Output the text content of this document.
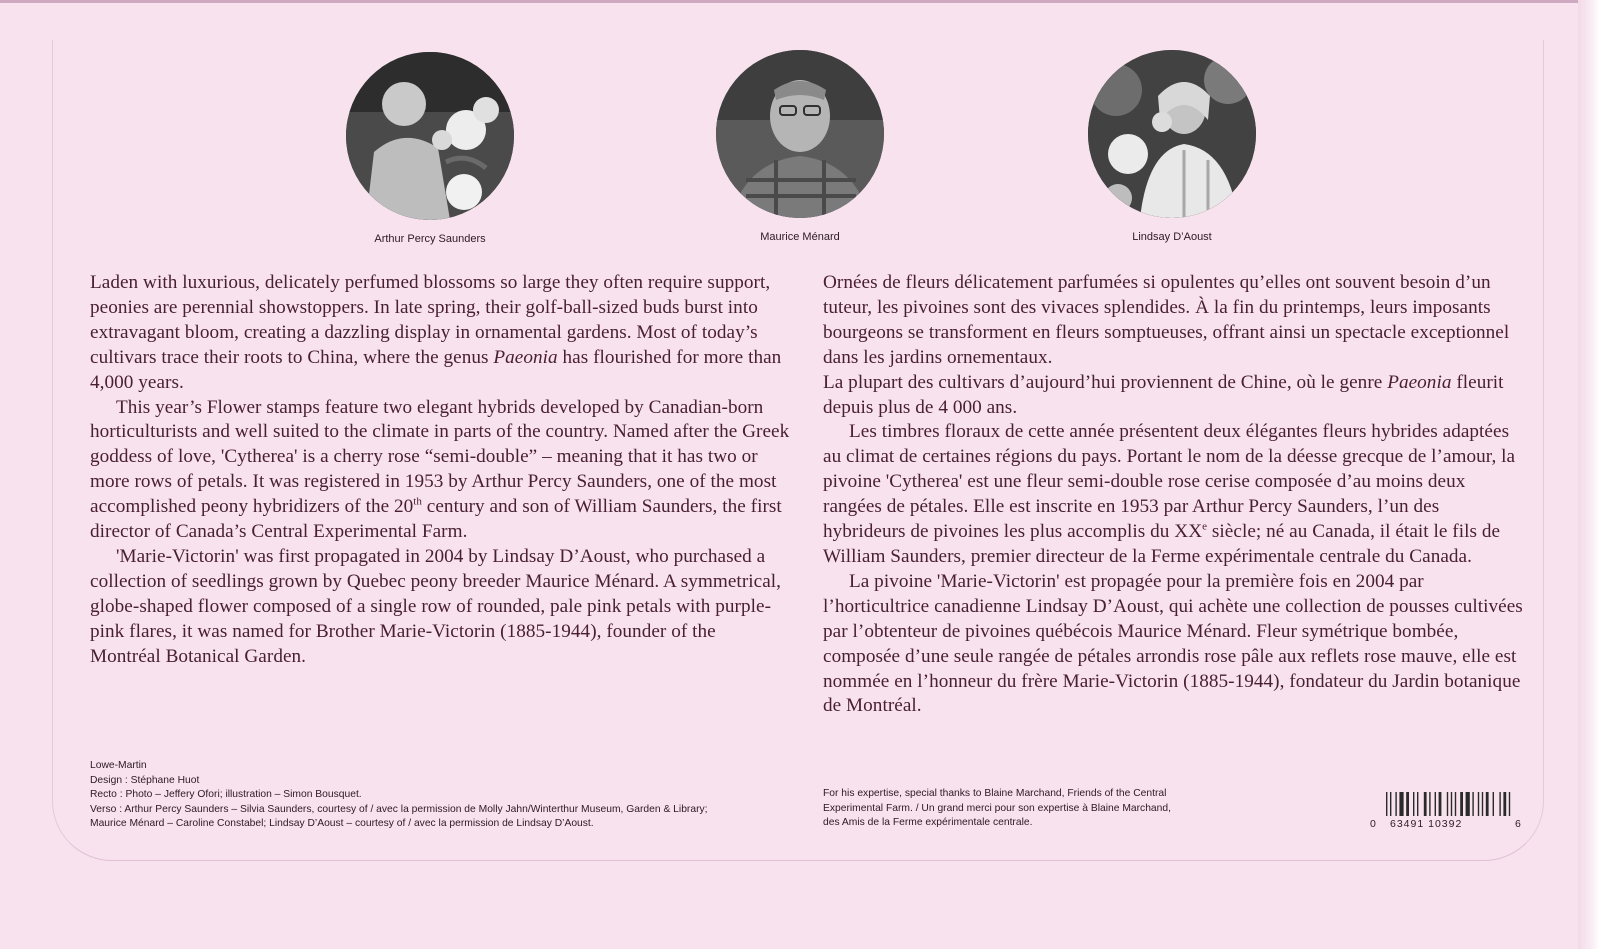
Arthur Percy Saunders	Maurice Ménard	Lindsay D’Aoust

Laden with luxurious, delicately perfumed blossoms so large they often require support, peonies are perennial showstoppers. In late spring, their golf-ball-sized buds burst into extravagant bloom, creating a dazzling display in ornamental gardens. Most of today’s cultivars trace their roots to China, where the genus Paeonia has flourished for more than 4,000 years.

This year’s Flower stamps feature two elegant hybrids developed by Canadian-born horticulturists and well suited to the climate in parts of the country. Named after the Greek goddess of love, 'Cytherea' is a cherry rose “semi-double” – meaning that it has two or more rows of petals. It was registered in 1953 by Arthur Percy Saunders, one of the most accomplished peony hybridizers of the 20th century and son of William Saunders, the first director of Canada’s Central Experimental Farm.

'Marie-Victorin' was first propagated in 2004 by Lindsay D’Aoust, who purchased a collection of seedlings grown by Quebec peony breeder Maurice Ménard. A symmetrical, globe-shaped flower composed of a single row of rounded, pale pink petals with purple-pink flares, it was named for Brother Marie-Victorin (1885-1944), founder of the Montréal Botanical Garden.

Ornées de fleurs délicatement parfumées si opulentes qu’elles ont souvent besoin d’un tuteur, les pivoines sont des vivaces splendides. À la fin du printemps, leurs imposants bourgeons se transforment en fleurs somptueuses, offrant ainsi un spectacle exceptionnel dans les jardins ornementaux.

La plupart des cultivars d’aujourd’hui proviennent de Chine, où le genre Paeonia fleurit depuis plus de 4 000 ans.

Les timbres floraux de cette année présentent deux élégantes fleurs hybrides adaptées au climat de certaines régions du pays. Portant le nom de la déesse grecque de l’amour, la pivoine 'Cytherea' est une fleur semi-double rose cerise composée d’au moins deux rangées de pétales. Elle est inscrite en 1953 par Arthur Percy Saunders, l’un des hybrideurs de pivoines les plus accomplis du XXe siècle; né au Canada, il était le fils de William Saunders, premier directeur de la Ferme expérimentale centrale du Canada.

La pivoine 'Marie-Victorin' est propagée pour la première fois en 2004 par l’horticultrice canadienne Lindsay D’Aoust, qui achète une collection de pousses cultivées par l’obtenteur de pivoines québécois Maurice Ménard. Fleur symétrique bombée, composée d’une seule rangée de pétales arrondis rose pâle aux reflets rose mauve, elle est nommée en l’honneur du frère Marie-Victorin (1885-1944), fondateur du Jardin botanique de Montréal.

Lowe-Martin
Design : Stéphane Huot
Recto : Photo – Jeffery Ofori; illustration – Simon Bousquet.
Verso : Arthur Percy Saunders – Silvia Saunders, courtesy of / avec la permission de Molly Jahn/Winterthur Museum, Garden & Library;
Maurice Ménard – Caroline Constabel; Lindsay D’Aoust – courtesy of / avec la permission de Lindsay D’Aoust.
For his expertise, special thanks to Blaine Marchand, Friends of the Central
Experimental Farm. / Un grand merci pour son expertise à Blaine Marchand,
des Amis de la Ferme expérimentale centrale.	0 63491 10392	6
